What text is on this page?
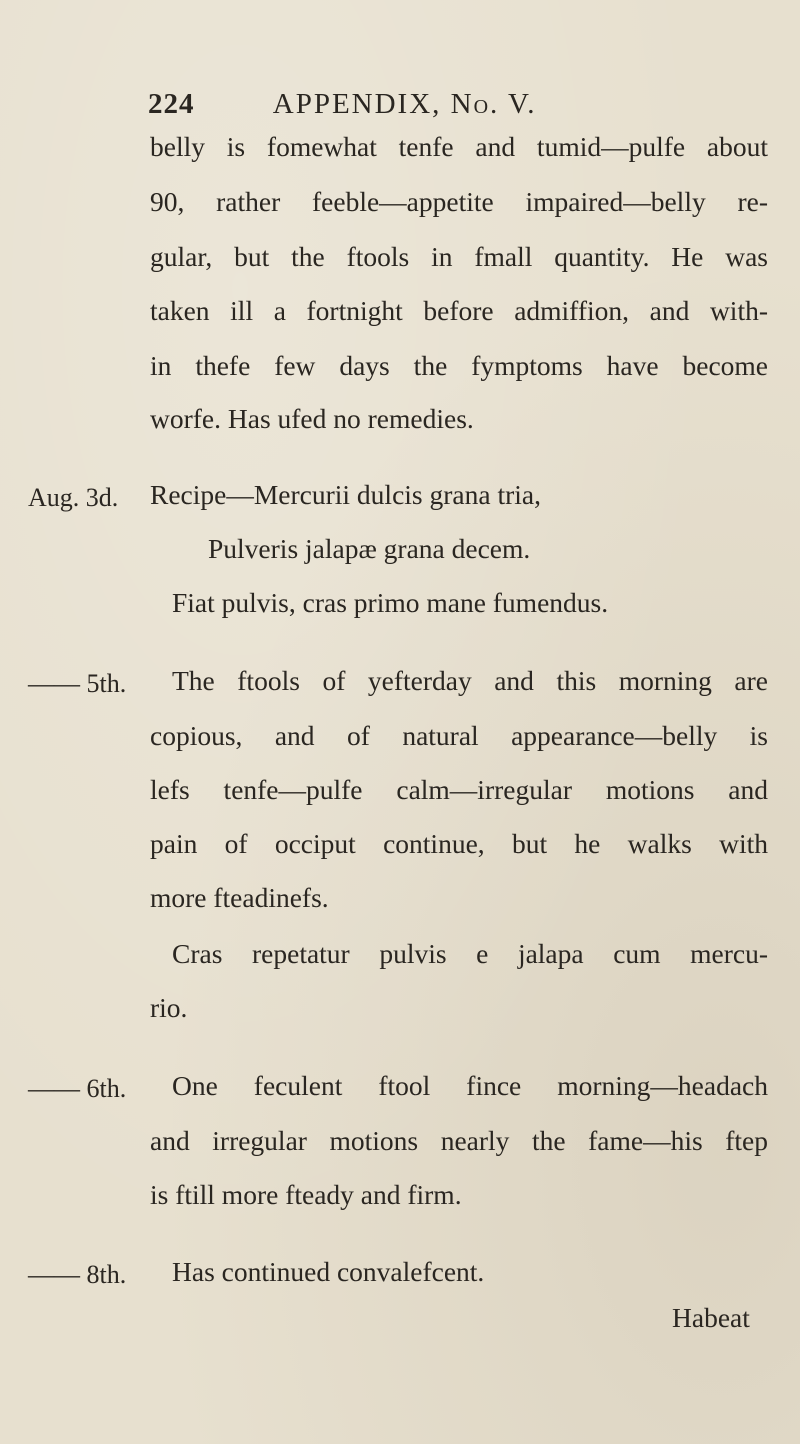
224	APPENDIX, No. V.
belly is fomewhat tenfe and tumid—pulfe about
90, rather feeble—appetite impaired—belly re-
gular, but the ftools in fmall quantity. He was
taken ill a fortnight before admiffion, and with-
in thefe few days the fymptoms have become
worfe. Has ufed no remedies.
Aug. 3d. Recipe—Mercurii dulcis grana tria,
Pulveris jalapæ grana decem.
Fiat pulvis, cras primo mane fumendus.
—— 5th. The ftools of yefterday and this morning are
copious, and of natural appearance—belly is
lefs tenfe—pulfe calm—irregular motions and
pain of occiput continue, but he walks with
more fteadinefs.
Cras repetatur pulvis e jalapa cum mercu-
rio.
—— 6th. One feculent ftool fince morning—headach
and irregular motions nearly the fame—his ftep
is ftill more fteady and firm.
—— 8th. Has continued convalefcent.
Habeat
